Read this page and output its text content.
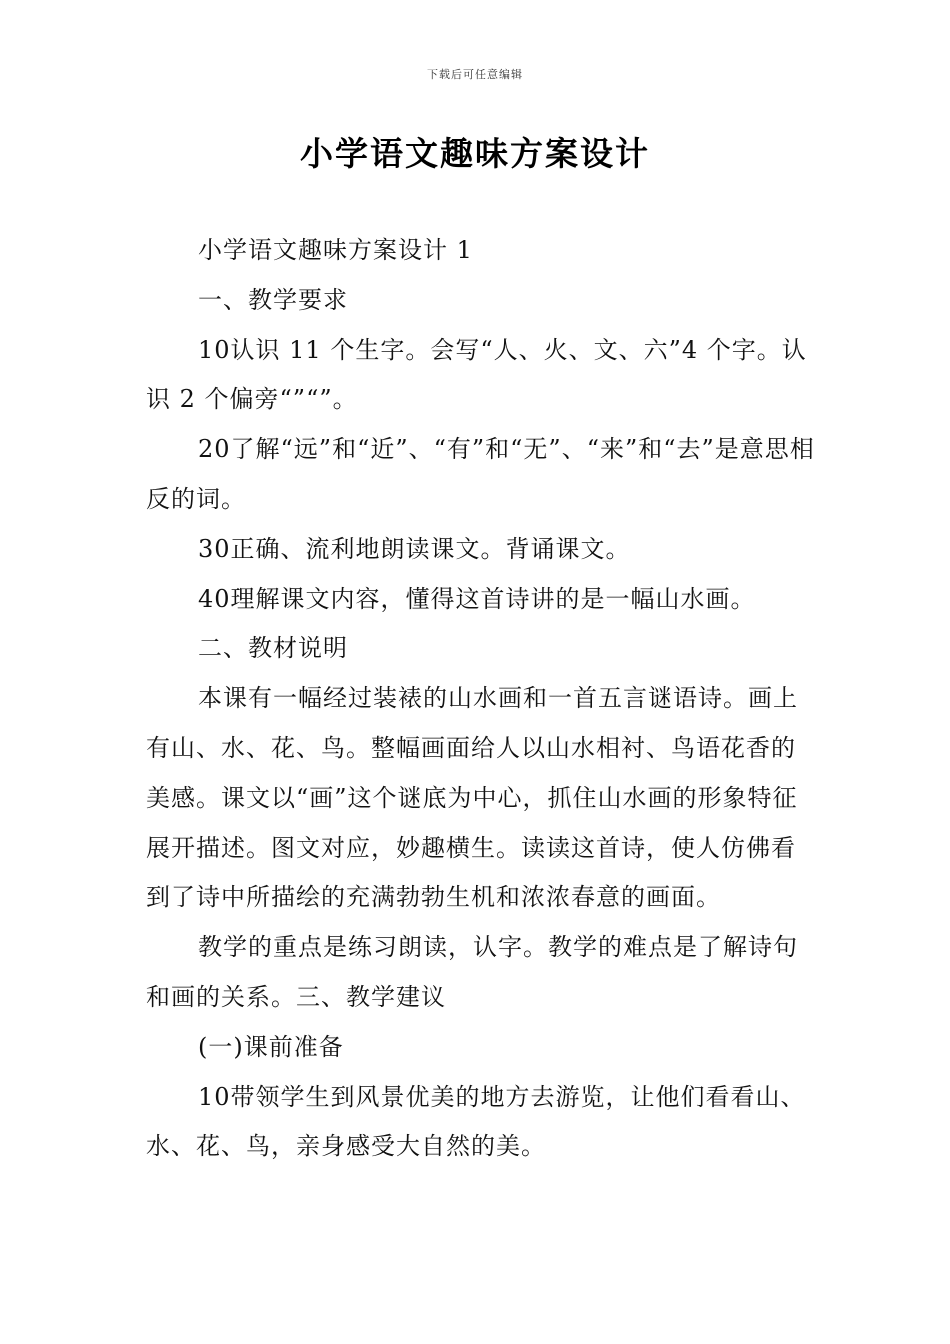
下载后可任意编辑
小学语文趣味方案设计

小学语文趣味方案设计 1

一、教学要求

10认识 11 个生字。会写“人、火、文、六”4 个字。认识 2 个偏旁“”“”。

20了解“远”和“近”、“有”和“无”、“来”和“去”是意思相反的词。

30正确、流利地朗读课文。背诵课文。

40理解课文内容，懂得这首诗讲的是一幅山水画。

二、教材说明

本课有一幅经过装裱的山水画和一首五言谜语诗。画上有山、水、花、鸟。整幅画面给人以山水相衬、鸟语花香的美感。课文以“画”这个谜底为中心，抓住山水画的形象特征展开描述。图文对应，妙趣横生。读读这首诗，使人仿佛看到了诗中所描绘的充满勃勃生机和浓浓春意的画面。

教学的重点是练习朗读，认字。教学的难点是了解诗句和画的关系。三、教学建议

(一)课前准备

10带领学生到风景优美的地方去游览，让他们看看山、水、花、鸟，亲身感受大自然的美。
